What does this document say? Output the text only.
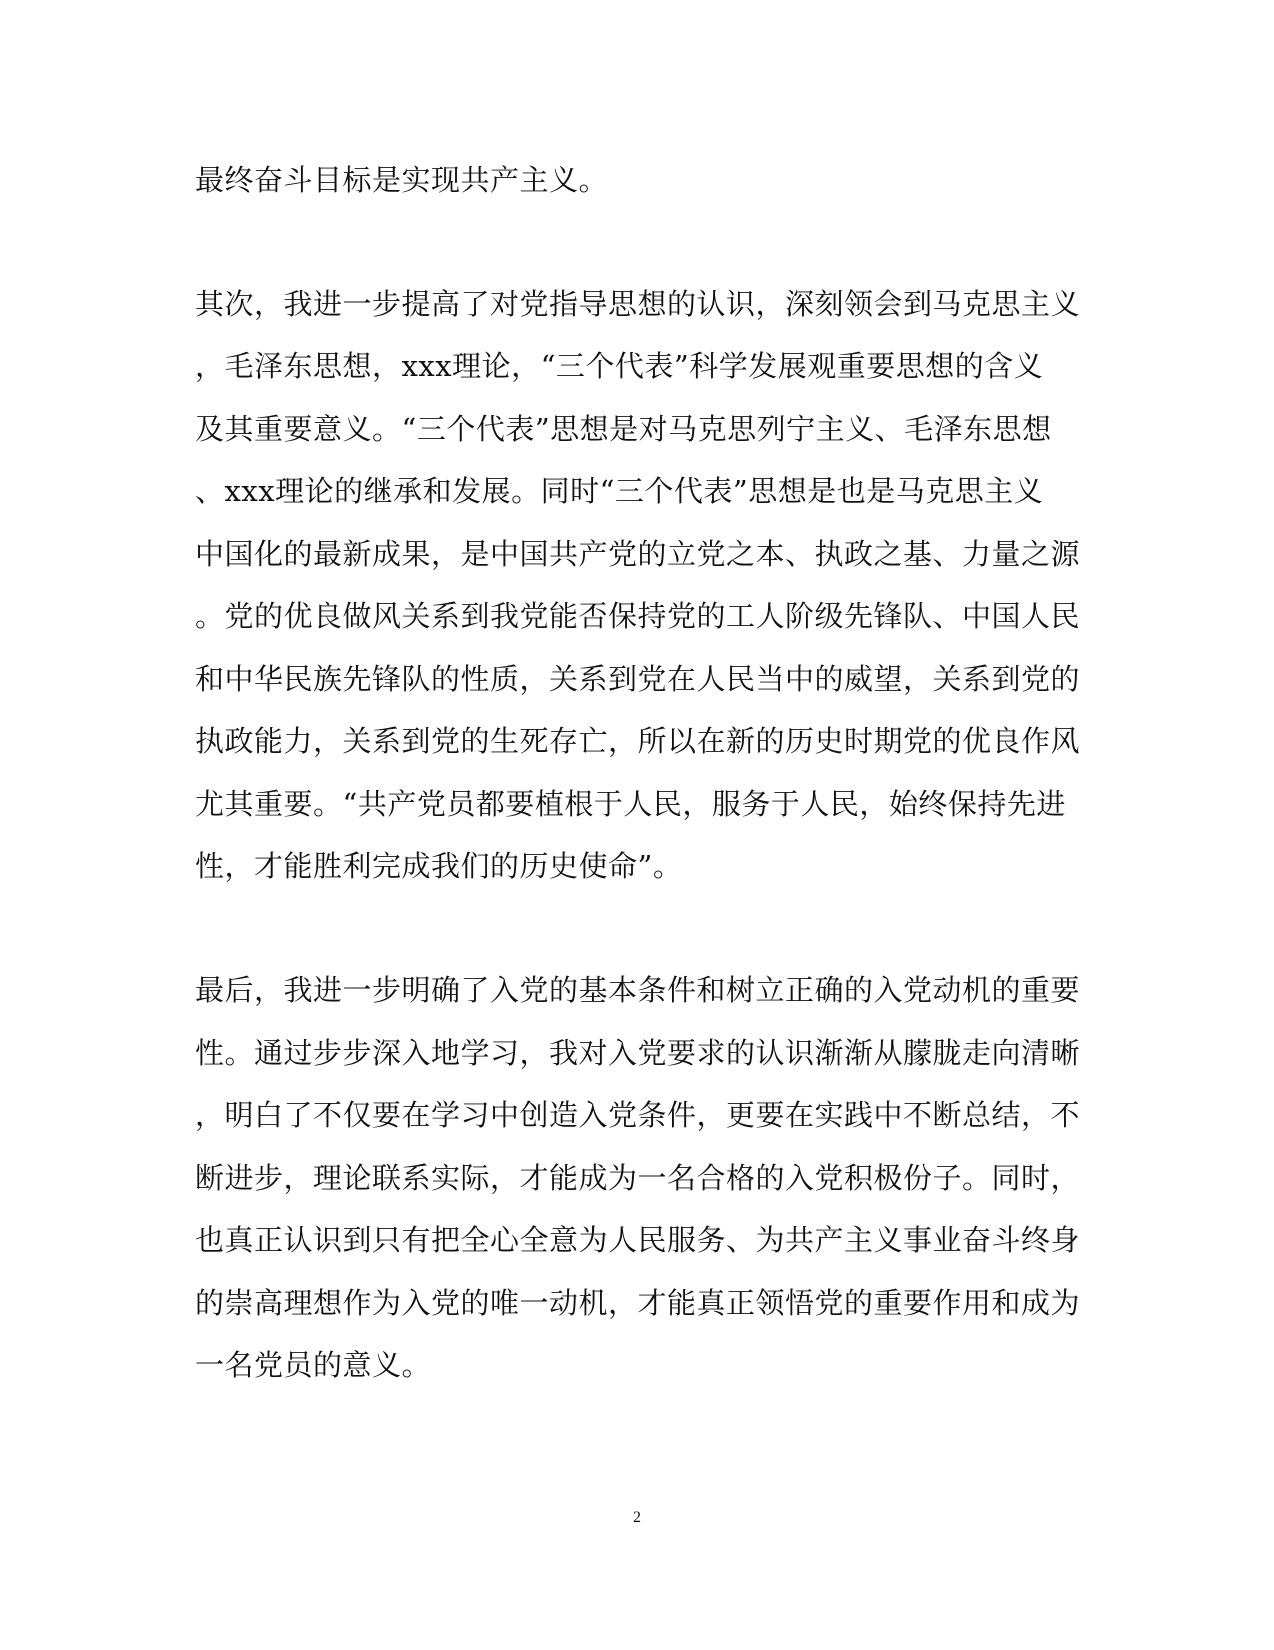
最终奋斗目标是实现共产主义。
其次，我进一步提高了对党指导思想的认识，深刻领会到马克思主义
，毛泽东思想，xxx理论，“三个代表”科学发展观重要思想的含义
及其重要意义。“三个代表”思想是对马克思列宁主义、毛泽东思想
、xxx理论的继承和发展。同时“三个代表”思想是也是马克思主义
中国化的最新成果，是中国共产党的立党之本、执政之基、力量之源
。党的优良做风关系到我党能否保持党的工人阶级先锋队、中国人民
和中华民族先锋队的性质，关系到党在人民当中的威望，关系到党的
执政能力，关系到党的生死存亡，所以在新的历史时期党的优良作风
尤其重要。“共产党员都要植根于人民，服务于人民，始终保持先进
性，才能胜利完成我们的历史使命”。
最后，我进一步明确了入党的基本条件和树立正确的入党动机的重要
性。通过步步深入地学习，我对入党要求的认识渐渐从朦胧走向清晰
，明白了不仅要在学习中创造入党条件，更要在实践中不断总结，不
断进步，理论联系实际，才能成为一名合格的入党积极份子。同时，
也真正认识到只有把全心全意为人民服务、为共产主义事业奋斗终身
的崇高理想作为入党的唯一动机，才能真正领悟党的重要作用和成为
一名党员的意义。
2
